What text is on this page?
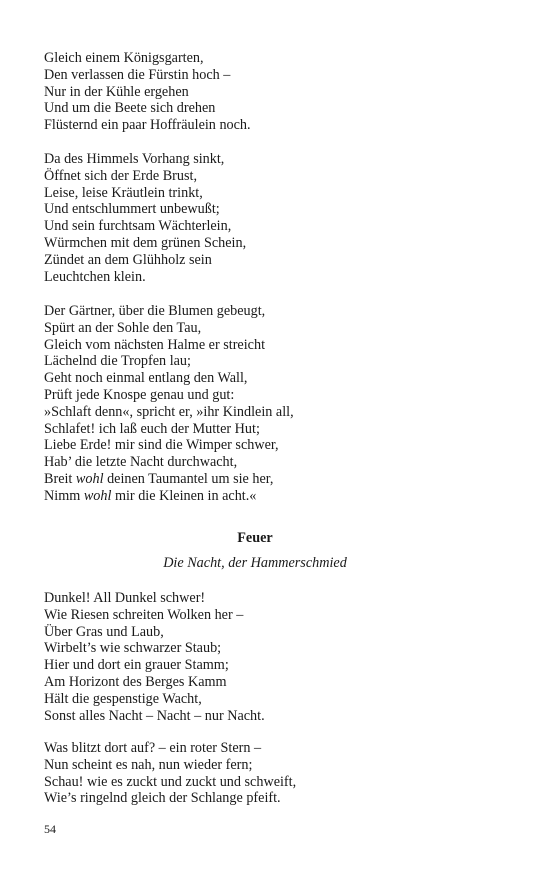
Gleich einem Königsgarten,
Den verlassen die Fürstin hoch –
Nur in der Kühle ergehen
Und um die Beete sich drehen
Flüsternd ein paar Hoffräulein noch.
Da des Himmels Vorhang sinkt,
Öffnet sich der Erde Brust,
Leise, leise Kräutlein trinkt,
Und entschlummert unbewußt;
Und sein furchtsam Wächterlein,
Würmchen mit dem grünen Schein,
Zündet an dem Glühholz sein
Leuchtchen klein.
Der Gärtner, über die Blumen gebeugt,
Spürt an der Sohle den Tau,
Gleich vom nächsten Halme er streicht
Lächelnd die Tropfen lau;
Geht noch einmal entlang den Wall,
Prüft jede Knospe genau und gut:
»Schlaft denn«, spricht er, »ihr Kindlein all,
Schlafet! ich laß euch der Mutter Hut;
Liebe Erde! mir sind die Wimper schwer,
Hab’ die letzte Nacht durchwacht,
Breit wohl deinen Taumantel um sie her,
Nimm wohl mir die Kleinen in acht.«
Feuer
Die Nacht, der Hammerschmied
Dunkel! All Dunkel schwer!
Wie Riesen schreiten Wolken her –
Über Gras und Laub,
Wirbelt’s wie schwarzer Staub;
Hier und dort ein grauer Stamm;
Am Horizont des Berges Kamm
Hält die gespenstige Wacht,
Sonst alles Nacht – Nacht – nur Nacht.
Was blitzt dort auf? – ein roter Stern –
Nun scheint es nah, nun wieder fern;
Schau! wie es zuckt und zuckt und schweift,
Wie’s ringelnd gleich der Schlange pfeift.
54
